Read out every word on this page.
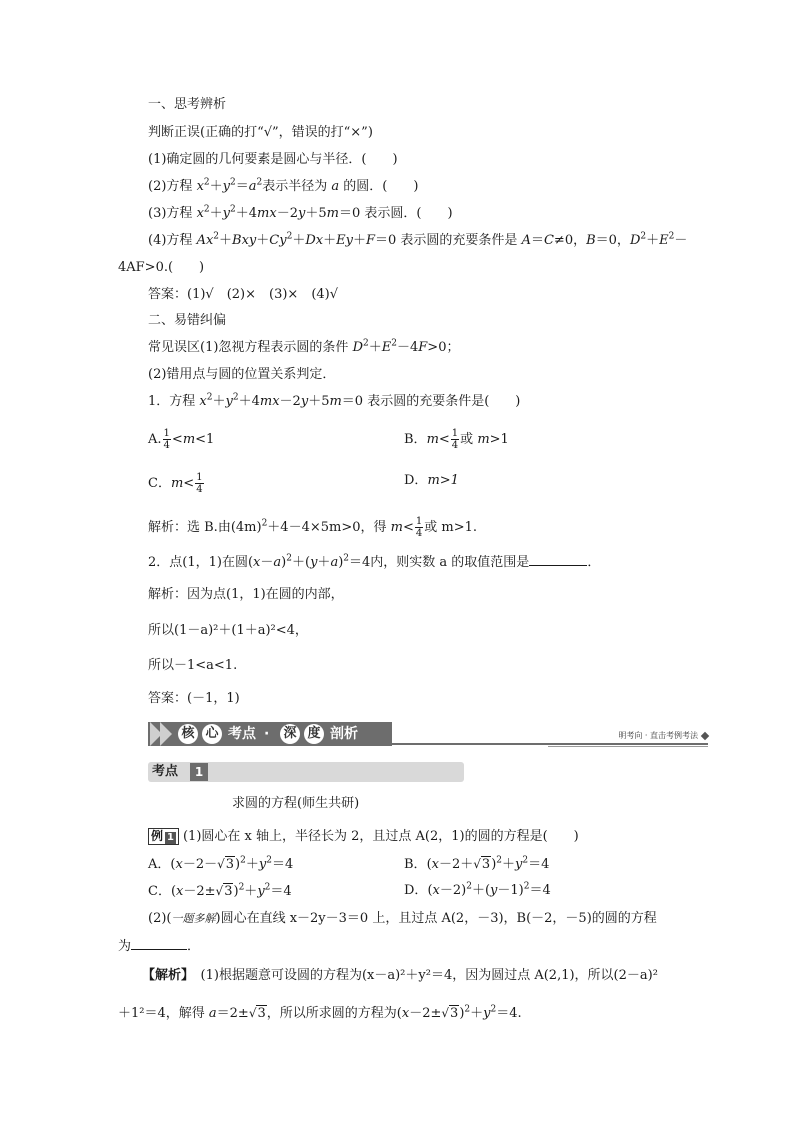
一、思考辨析
判断正误(正确的打“√”，错误的打“×”)
(1)确定圆的几何要素是圆心与半径．(　　)
(2)方程 $x^2+y^2=a^2$表示半径为 a 的圆．(　　)
(3)方程 $x^2+y^2+4mx-2y+5m=0$ 表示圆．(　　)
(4)方程 $Ax^2+Bxy+Cy^2+Dx+Ey+F=0$ 表示圆的充要条件是 A＝C≠0，B＝0，$D^2+E^2-$
4AF>0.(　　)
答案：(1)√　(2)×　(3)×　(4)√
二、易错纠偏
常见误区(1)忽视方程表示圆的条件 $D^2+E^2-4F>0$；
(2)错用点与圆的位置关系判定．
1．方程 $x^2+y^2+4mx-2y+5m=0$ 表示圆的充要条件是(　　)
A. $\frac{1}{4} <m<1$	B．$m< \frac{1}{4}$ 或 m>1
C．$m< \frac{1}{4}$	D．m>1
解析：选 B.由$(4m)^2+4-4\times 5m>0$，得 $m< \frac{1}{4}$ 或 m>1.
2．点(1，1)在圆$(x-a)^2+(y+a)^2=4$内，则实数 a 的取值范围是	．
解析：因为点(1，1)在圆的内部，
所以(1－a)²＋(1＋a)²<4，
所以－1<a<1.
答案：(－1，1)
核 心 考点 · 深 度 剖析	明考向 · 直击考例考法
考点	1
求圆的方程(师生共研)
例 1 (1)圆心在 x 轴上，半径长为 2，且过点 A(2，1)的圆的方程是(　　)
A．$(x-2-√3)^2+y^2=4$	B．$(x-2+√3)^2+y^2=4$
C．$(x-2\pm√3)^2+y^2=4$	D．$(x-2)^2+(y-1)^2=4$
(2)(一题多解)圆心在直线 x－2y－3＝0 上，且过点 A(2，－3)，B(－2，－5)的圆的方程
为	．
【解析】　 (1)根据题意可设圆的方程为(x－a)²＋y²＝4，因为圆过点 A(2,1)，所以(2－a)²
＋1²＝4，解得 a＝2±√3，所以所求圆的方程为$(x-2\pm√3)^2+y^2=4$.
